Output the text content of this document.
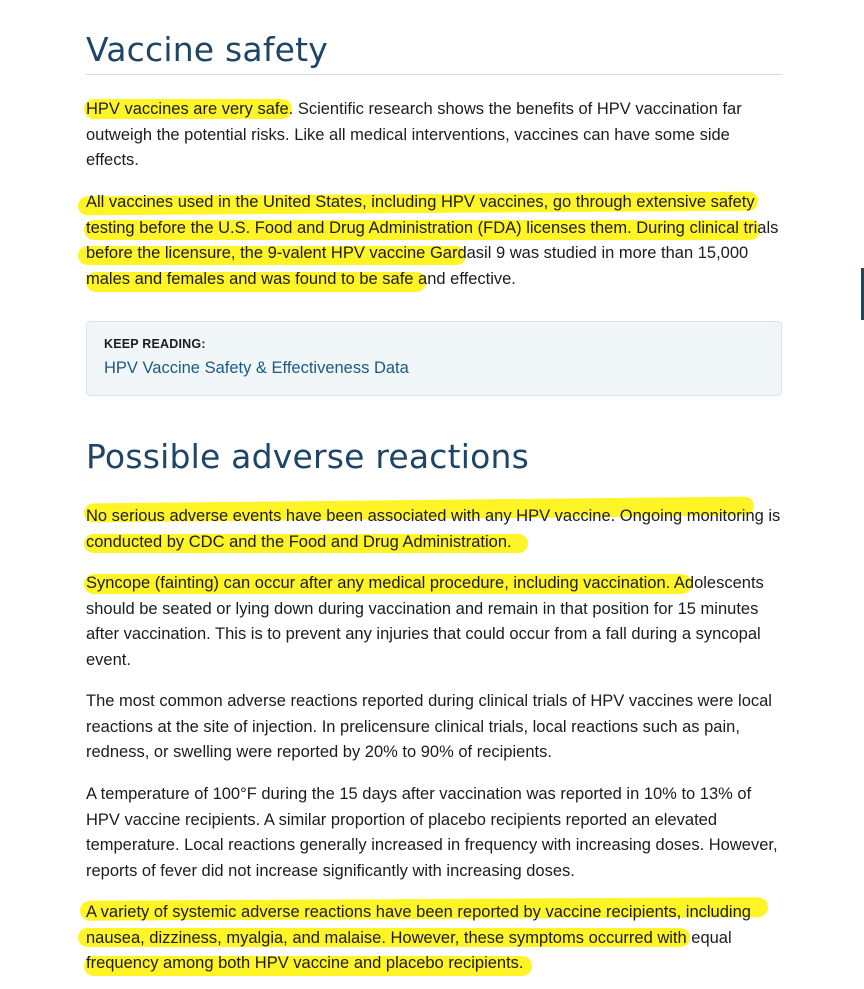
Vaccine safety

HPV vaccines are very safe. Scientific research shows the benefits of HPV vaccination far outweigh the potential risks. Like all medical interventions, vaccines can have some side effects.

All vaccines used in the United States, including HPV vaccines, go through extensive safety testing before the U.S. Food and Drug Administration (FDA) licenses them. During clinical trials before the licensure, the 9-valent HPV vaccine Gardasil 9 was studied in more than 15,000 males and females and was found to be safe and effective.

KEEP READING:
HPV Vaccine Safety & Effectiveness Data
Possible adverse reactions

No serious adverse events have been associated with any HPV vaccine. Ongoing monitoring is conducted by CDC and the Food and Drug Administration.

Syncope (fainting) can occur after any medical procedure, including vaccination. Adolescents should be seated or lying down during vaccination and remain in that position for 15 minutes after vaccination. This is to prevent any injuries that could occur from a fall during a syncopal event.

The most common adverse reactions reported during clinical trials of HPV vaccines were local reactions at the site of injection. In prelicensure clinical trials, local reactions such as pain, redness, or swelling were reported by 20% to 90% of recipients.

A temperature of 100°F during the 15 days after vaccination was reported in 10% to 13% of HPV vaccine recipients. A similar proportion of placebo recipients reported an elevated temperature. Local reactions generally increased in frequency with increasing doses. However, reports of fever did not increase significantly with increasing doses.

A variety of systemic adverse reactions have been reported by vaccine recipients, including nausea, dizziness, myalgia, and malaise. However, these symptoms occurred with equal frequency among both HPV vaccine and placebo recipients.
